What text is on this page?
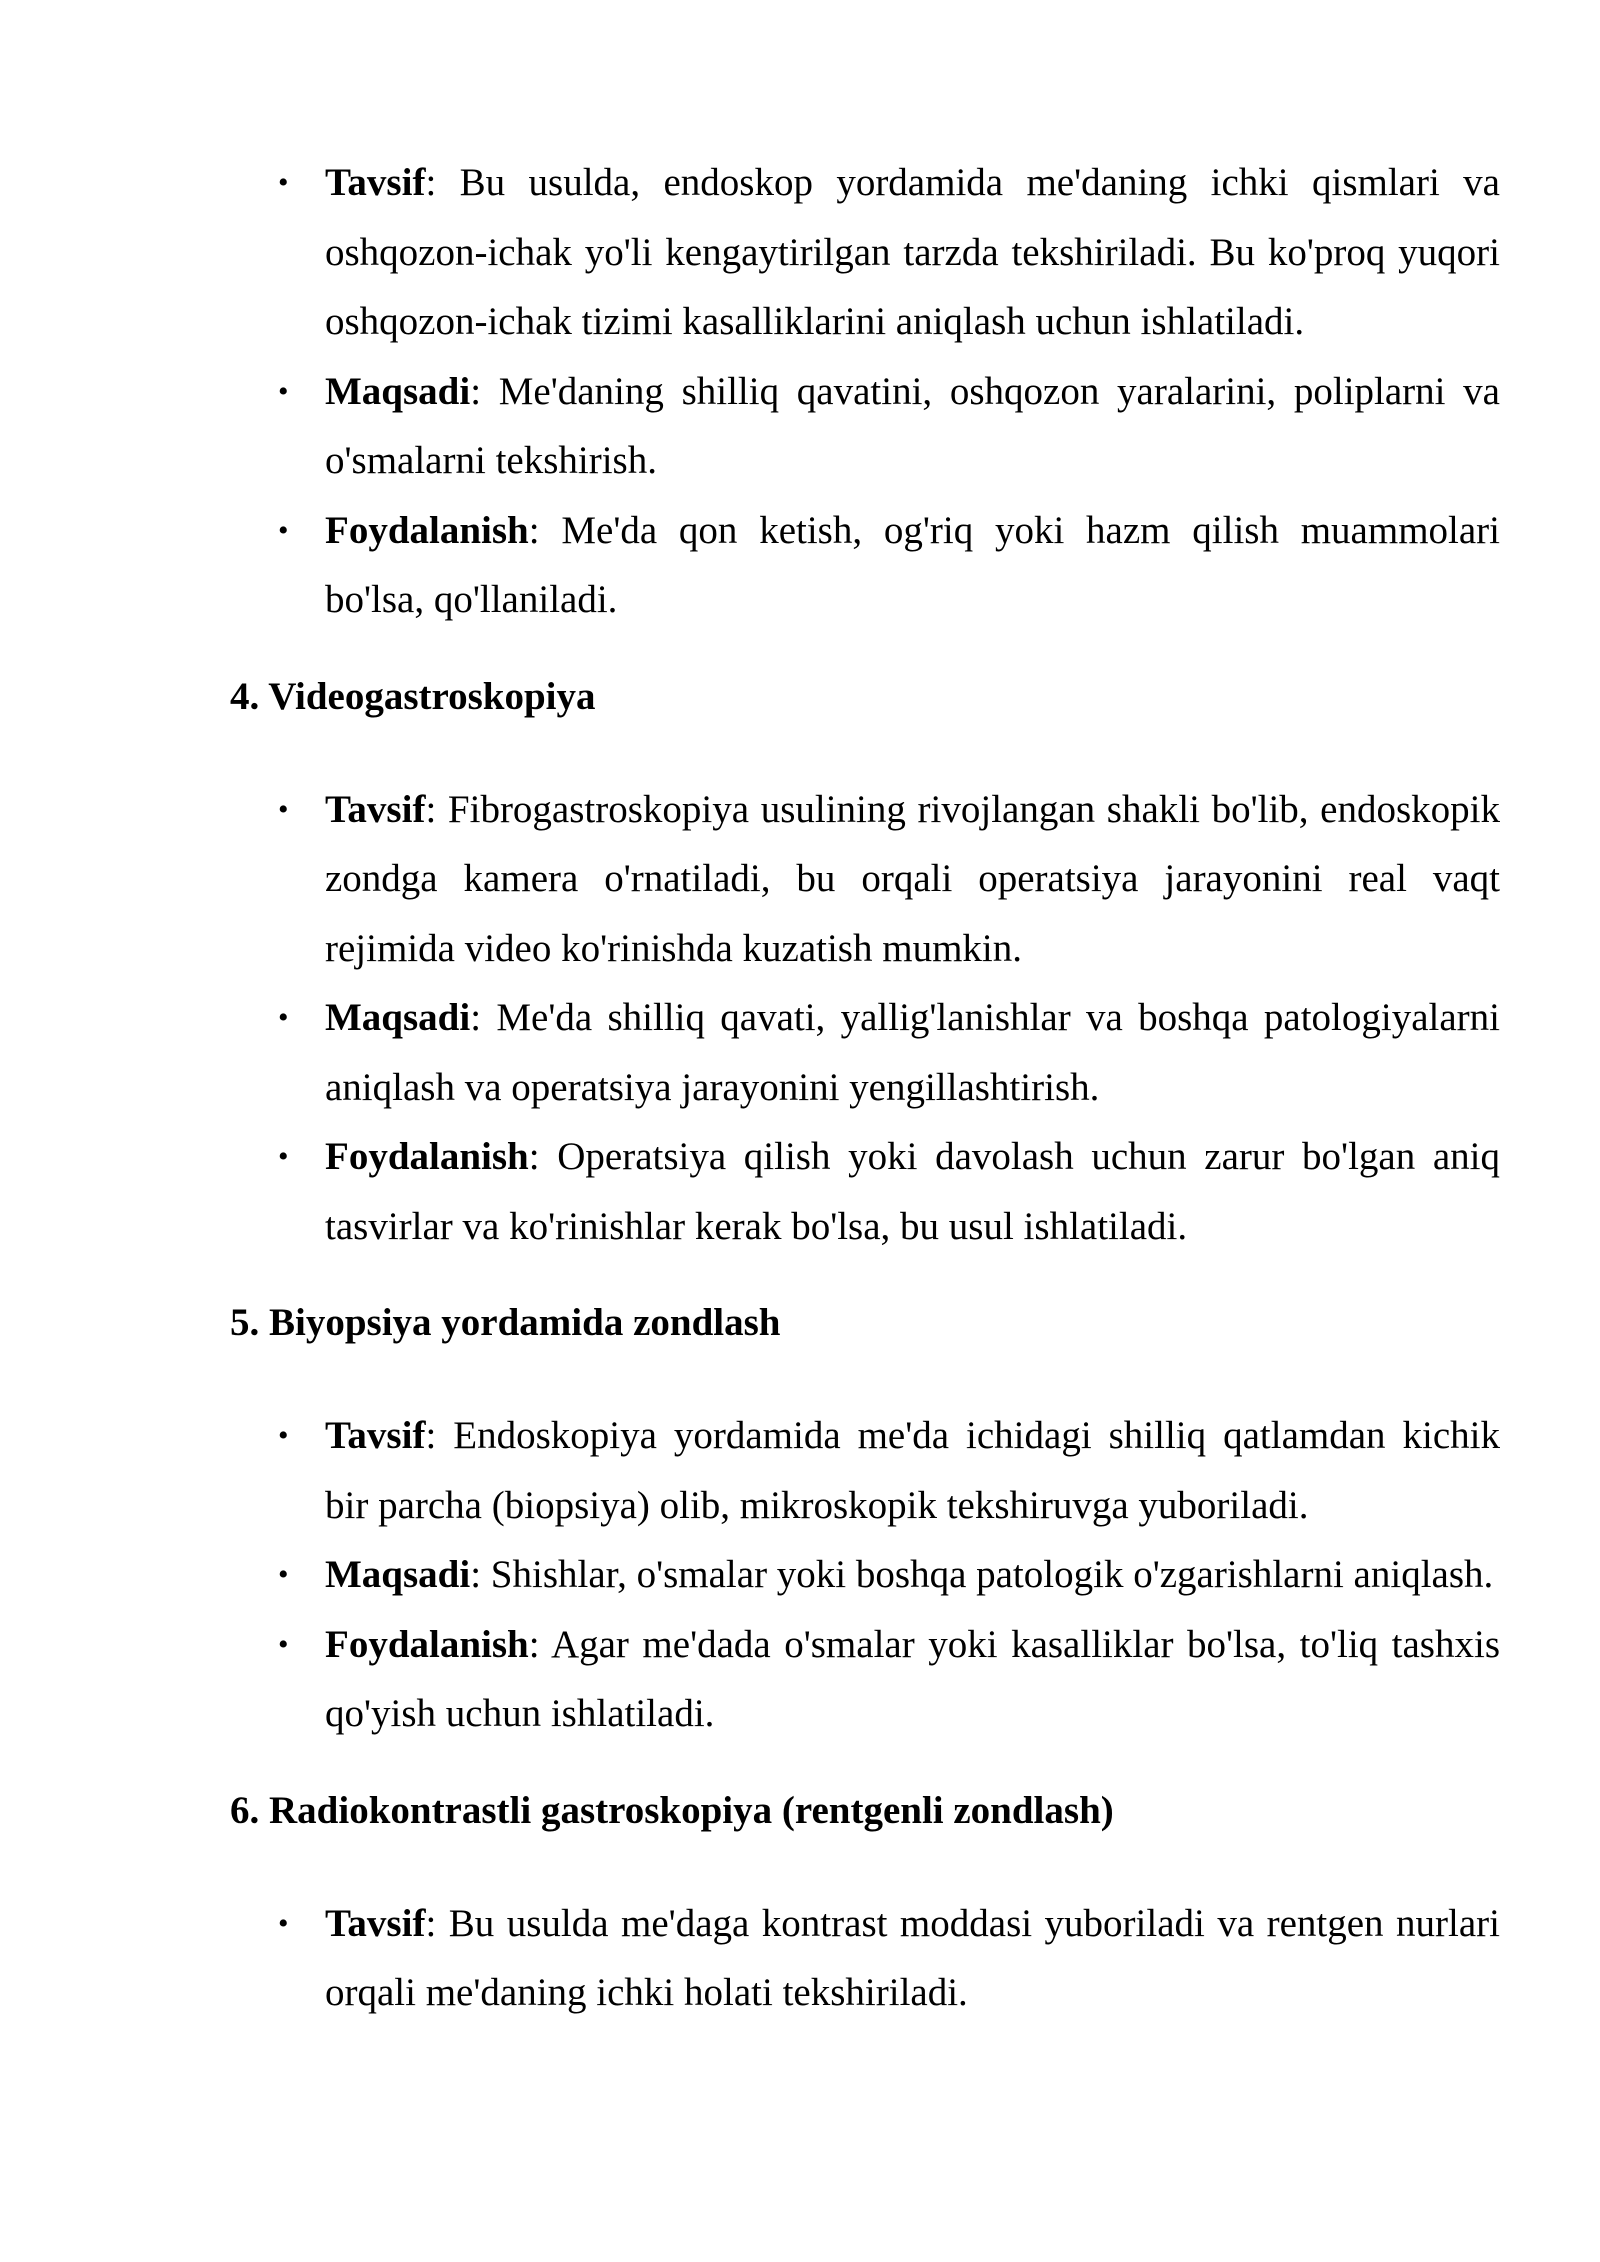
• Tavsif: Bu usulda, endoskop yordamida me'daning ichki qismlari va oshqozon-ichak yo'li kengaytirilgan tarzda tekshiriladi. Bu ko'proq yuqori oshqozon-ichak tizimi kasalliklarini aniqlash uchun ishlatiladi.
• Maqsadi: Me'daning shilliq qavatini, oshqozon yaralarini, poliplarni va o'smalarni tekshirish.
• Foydalanish: Me'da qon ketish, og'riq yoki hazm qilish muammolari bo'lsa, qo'llaniladi.
4. Videogastroskopiya
• Tavsif: Fibrogastroskopiya usulining rivojlangan shakli bo'lib, endoskopik zondga kamera o'rnatiladi, bu orqali operatsiya jarayonini real vaqt rejimida video ko'rinishda kuzatish mumkin.
• Maqsadi: Me'da shilliq qavati, yallig'lanishlar va boshqa patologiyalarni aniqlash va operatsiya jarayonini yengillashtirish.
• Foydalanish: Operatsiya qilish yoki davolash uchun zarur bo'lgan aniq tasvirlar va ko'rinishlar kerak bo'lsa, bu usul ishlatiladi.
5. Biyopsiya yordamida zondlash
• Tavsif: Endoskopiya yordamida me'da ichidagi shilliq qatlamdan kichik bir parcha (biopsiya) olib, mikroskopik tekshiruvga yuboriladi.
• Maqsadi: Shishlar, o'smalar yoki boshqa patologik o'zgarishlarni aniqlash.
• Foydalanish: Agar me'dada o'smalar yoki kasalliklar bo'lsa, to'liq tashxis qo'yish uchun ishlatiladi.
6. Radiokontrastli gastroskopiya (rentgenli zondlash)
• Tavsif: Bu usulda me'daga kontrast moddasi yuboriladi va rentgen nurlari orqali me'daning ichki holati tekshiriladi.
